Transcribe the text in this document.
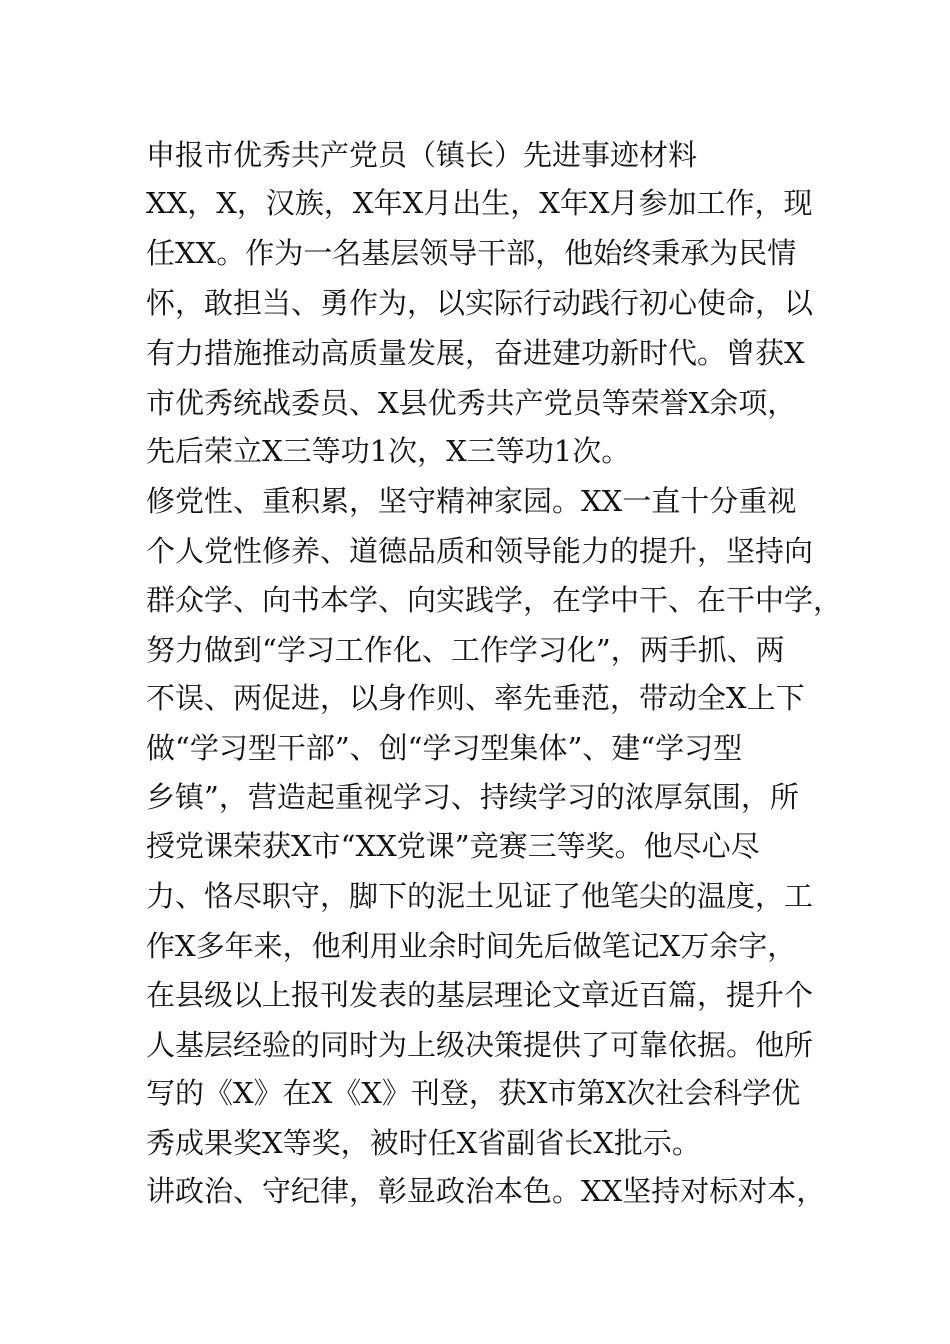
申报市优秀共产党员（镇长）先进事迹材料
XX，X，汉族，X年X月出生，X年X月参加工作，现
任XX。作为一名基层领导干部，他始终秉承为民情
怀，敢担当、勇作为，以实际行动践行初心使命，以
有力措施推动高质量发展，奋进建功新时代。曾获X
市优秀统战委员、X县优秀共产党员等荣誉X余项，
先后荣立X三等功1次，X三等功1次。
修党性、重积累，坚守精神家园。XX一直十分重视
个人党性修养、道德品质和领导能力的提升，坚持向
群众学、向书本学、向实践学，在学中干、在干中学，
努力做到“学习工作化、工作学习化”，两手抓、两
不误、两促进，以身作则、率先垂范，带动全X上下
做“学习型干部”、创“学习型集体”、建“学习型
乡镇”，营造起重视学习、持续学习的浓厚氛围，所
授党课荣获X市“XX党课”竞赛三等奖。他尽心尽
力、恪尽职守，脚下的泥土见证了他笔尖的温度，工
作X多年来，他利用业余时间先后做笔记X万余字，
在县级以上报刊发表的基层理论文章近百篇，提升个
人基层经验的同时为上级决策提供了可靠依据。他所
写的《X》在X《X》刊登，获X市第X次社会科学优
秀成果奖X等奖，被时任X省副省长X批示。
讲政治、守纪律，彰显政治本色。XX坚持对标对本，
